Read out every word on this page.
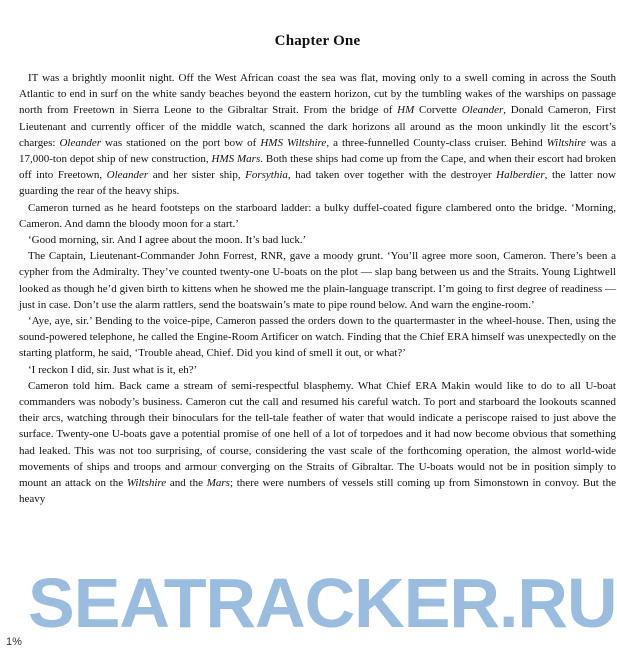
Chapter One

IT was a brightly moonlit night. Off the West African coast the sea was flat, moving only to a swell coming in across the South Atlantic to end in surf on the white sandy beaches beyond the eastern horizon, cut by the tumbling wakes of the warships on passage north from Freetown in Sierra Leone to the Gibraltar Strait. From the bridge of HM Corvette Oleander, Donald Cameron, First Lieutenant and currently officer of the middle watch, scanned the dark horizons all around as the moon unkindly lit the escort’s charges: Oleander was stationed on the port bow of HMS Wiltshire, a three-funnelled County-class cruiser. Behind Wiltshire was a 17,000-ton depot ship of new construction, HMS Mars. Both these ships had come up from the Cape, and when their escort had broken off into Freetown, Oleander and her sister ship, Forsythia, had taken over together with the destroyer Halberdier, the latter now guarding the rear of the heavy ships.

Cameron turned as he heard footsteps on the starboard ladder: a bulky duffel-coated figure clambered onto the bridge. ‘Morning, Cameron. And damn the bloody moon for a start.’

‘Good morning, sir. And I agree about the moon. It’s bad luck.’

The Captain, Lieutenant-Commander John Forrest, RNR, gave a moody grunt. ‘You’ll agree more soon, Cameron. There’s been a cypher from the Admiralty. They’ve counted twenty-one U-boats on the plot — slap bang between us and the Straits. Young Lightwell looked as though he’d given birth to kittens when he showed me the plain-language transcript. I’m going to first degree of readiness — just in case. Don’t use the alarm rattlers, send the boatswain’s mate to pipe round below. And warn the engine-room.’

‘Aye, aye, sir.’ Bending to the voice-pipe, Cameron passed the orders down to the quartermaster in the wheel-house. Then, using the sound-powered telephone, he called the Engine-Room Artificer on watch. Finding that the Chief ERA himself was unexpectedly on the starting platform, he said, ‘Trouble ahead, Chief. Did you kind of smell it out, or what?’

‘I reckon I did, sir. Just what is it, eh?’

Cameron told him. Back came a stream of semi-respectful blasphemy. What Chief ERA Makin would like to do to all U-boat commanders was nobody’s business. Cameron cut the call and resumed his careful watch. To port and starboard the lookouts scanned their arcs, watching through their binoculars for the tell-tale feather of water that would indicate a periscope raised to just above the surface. Twenty-one U-boats gave a potential promise of one hell of a lot of torpedoes and it had now become obvious that something had leaked. This was not too surprising, of course, considering the vast scale of the forthcoming operation, the almost world-wide movements of ships and troops and armour converging on the Straits of Gibraltar. The U-boats would not be in position simply to mount an attack on the Wiltshire and the Mars; there were numbers of vessels still coming up from Simonstown in convoy. But the heavy

SEATRACKER.RU
1%
